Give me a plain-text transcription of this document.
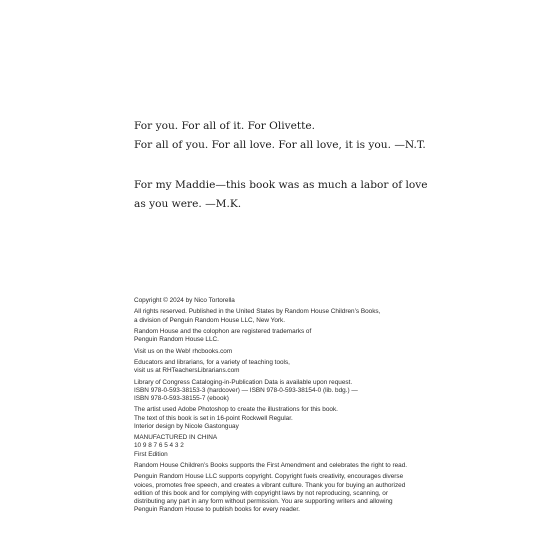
For you. For all of it. For Olivette.

For all of you. For all love. For all love, it is you. —N.T.

For my Maddie—this book was as much a labor of love

as you were. —M.K.

Copyright © 2024 by Nico Tortorella
All rights reserved. Published in the United States by Random House Children’s Books,
a division of Penguin Random House LLC, New York.
Random House and the colophon are registered trademarks of
Penguin Random House LLC.
Visit us on the Web! rhcbooks.com
Educators and librarians, for a variety of teaching tools,
visit us at RHTeachersLibrarians.com
Library of Congress Cataloging-in-Publication Data is available upon request.
ISBN 978-0-593-38153-3 (hardcover) — ISBN 978-0-593-38154-0 (lib. bdg.) —
ISBN 978-0-593-38155-7 (ebook)
The artist used Adobe Photoshop to create the illustrations for this book.
The text of this book is set in 16-point Rockwell Regular.
Interior design by Nicole Gastonguay
MANUFACTURED IN CHINA
10 9 8 7 6 5 4 3 2
First Edition
Random House Children’s Books supports the First Amendment and celebrates the right to read.
Penguin Random House LLC supports copyright. Copyright fuels creativity, encourages diverse
voices, promotes free speech, and creates a vibrant culture. Thank you for buying an authorized
edition of this book and for complying with copyright laws by not reproducing, scanning, or
distributing any part in any form without permission. You are supporting writers and allowing
Penguin Random House to publish books for every reader.
